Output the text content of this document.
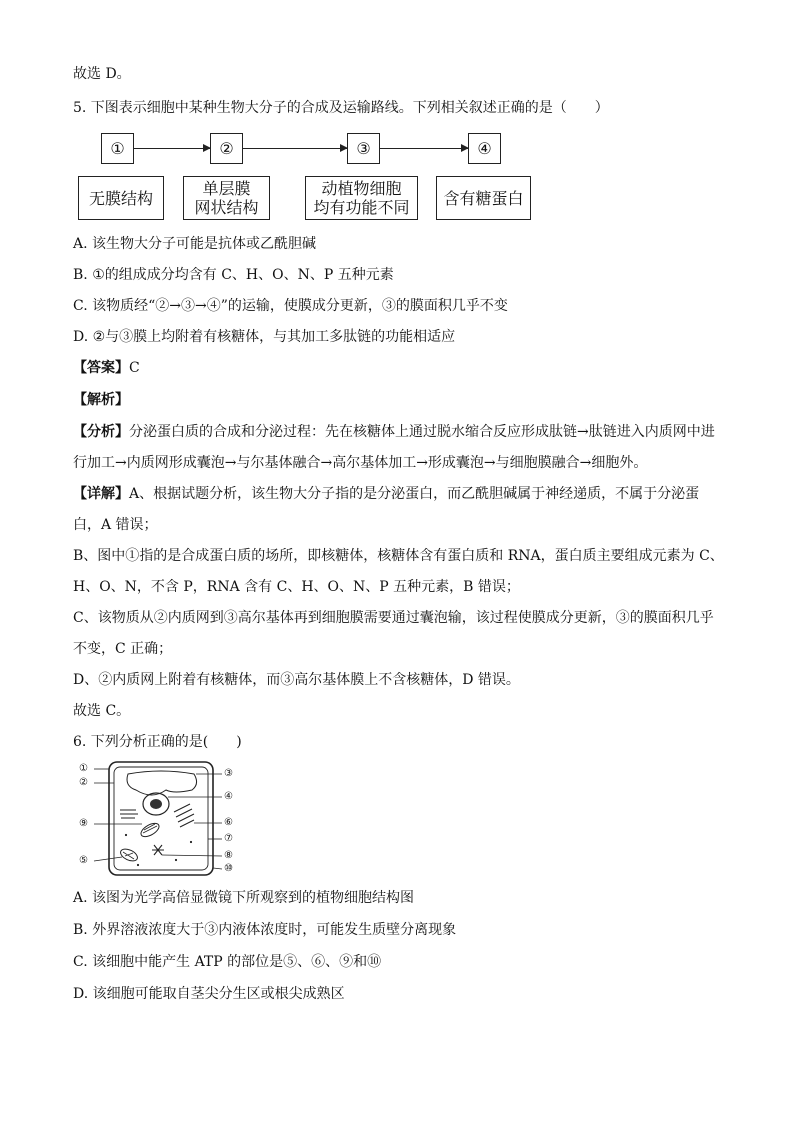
故选 D。
5. 下图表示细胞中某种生物大分子的合成及运输路线。下列相关叙述正确的是（　　）
①	②	③	④
无膜结构	单层膜
网状结构
动植物细胞
均有功能不同 含有糖蛋白
A. 该生物大分子可能是抗体或乙酰胆碱
B. ①的组成成分均含有 C、H、O、N、P 五种元素
C. 该物质经“②→③→④”的运输，使膜成分更新，③的膜面积几乎不变
D. ②与③膜上均附着有核糖体，与其加工多肽链的功能相适应
【答案】C
【解析】
【分析】分泌蛋白质的合成和分泌过程：先在核糖体上通过脱水缩合反应形成肽链→肽链进入内质网中进
行加工→内质网形成囊泡→与尔基体融合→高尔基体加工→形成囊泡→与细胞膜融合→细胞外。
【详解】A、根据试题分析，该生物大分子指的是分泌蛋白，而乙酰胆碱属于神经递质，不属于分泌蛋
白，A 错误；
B、图中①指的是合成蛋白质的场所，即核糖体，核糖体含有蛋白质和 RNA，蛋白质主要组成元素为 C、
H、O、N，不含 P，RNA 含有 C、H、O、N、P 五种元素，B 错误；
C、该物质从②内质网到③高尔基体再到细胞膜需要通过囊泡输，该过程使膜成分更新，③的膜面积几乎
不变，C 正确；
D、②内质网上附着有核糖体，而③高尔基体膜上不含核糖体，D 错误。
故选 C。
6. 下列分析正确的是(　　)
①
②
⑨
⑤
③
④
⑥
⑦
⑧
⑩
A. 该图为光学高倍显微镜下所观察到的植物细胞结构图
B. 外界溶液浓度大于③内液体浓度时，可能发生质壁分离现象
C. 该细胞中能产生 ATP 的部位是⑤、⑥、⑨和⑩
D. 该细胞可能取自茎尖分生区或根尖成熟区
